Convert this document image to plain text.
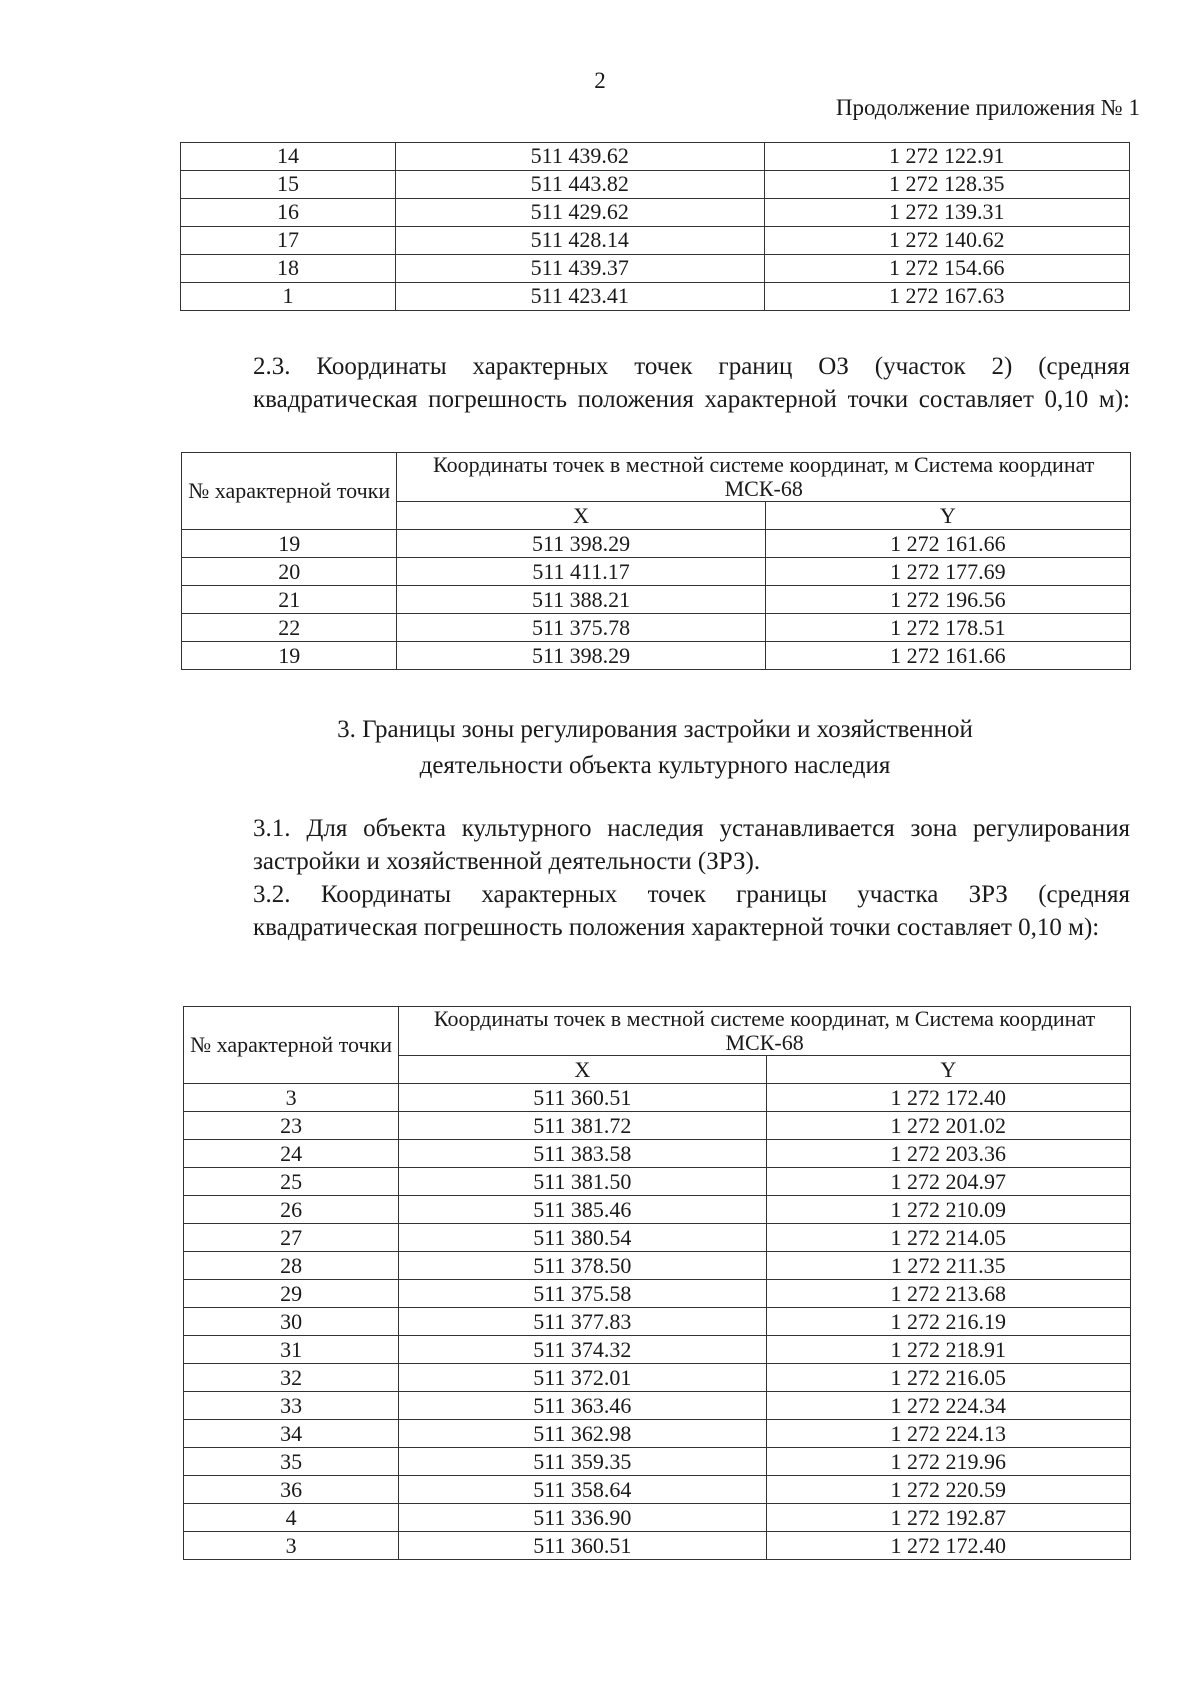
2
Продолжение приложения № 1
14	511 439.62	1 272 122.91
15	511 443.82	1 272 128.35
16	511 429.62	1 272 139.31
17	511 428.14	1 272 140.62
18	511 439.37	1 272 154.66
1	511 423.41	1 272 167.63
2.3. Координаты характерных точек границ ОЗ (участок 2) (средняя квадратическая погрешность положения характерной точки составляет 0,10 м):
№ характерной точки	Координаты точек в местной системе координат, м Система координат МСК-68	
	X	Y
19	511 398.29	1 272 161.66
20	511 411.17	1 272 177.69
21	511 388.21	1 272 196.56
22	511 375.78	1 272 178.51
19	511 398.29	1 272 161.66
3. Границы зоны регулирования застройки и хозяйственной
деятельности объекта культурного наследия
3.1. Для объекта культурного наследия устанавливается зона регулирования застройки и хозяйственной деятельности (ЗРЗ).
3.2. Координаты характерных точек границы участка ЗРЗ (средняя квадратическая погрешность положения характерной точки составляет 0,10 м):
№ характерной точки	Координаты точек в местной системе координат, м Система координат МСК-68	
	X	Y
3	511 360.51	1 272 172.40
23	511 381.72	1 272 201.02
24	511 383.58	1 272 203.36
25	511 381.50	1 272 204.97
26	511 385.46	1 272 210.09
27	511 380.54	1 272 214.05
28	511 378.50	1 272 211.35
29	511 375.58	1 272 213.68
30	511 377.83	1 272 216.19
31	511 374.32	1 272 218.91
32	511 372.01	1 272 216.05
33	511 363.46	1 272 224.34
34	511 362.98	1 272 224.13
35	511 359.35	1 272 219.96
36	511 358.64	1 272 220.59
4	511 336.90	1 272 192.87
3	511 360.51	1 272 172.40
